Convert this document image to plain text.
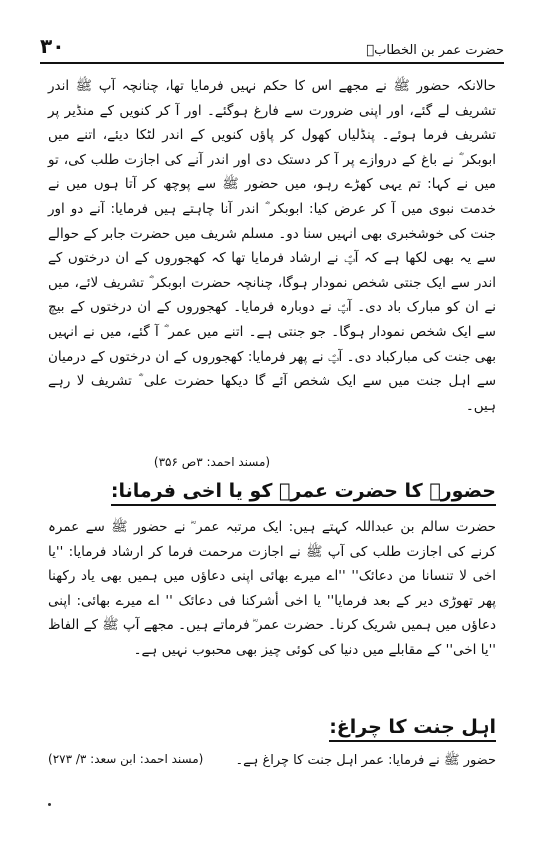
۳۰	حضرت عمر بن الخطابؓ

حالانکہ حضور ﷺ نے مجھے اس کا حکم نہیں فرمایا تھا، چنانچہ آپ ﷺ اندر تشریف لے گئے، اور اپنی ضرورت سے فارغ ہوگئے۔ اور آ کر کنویں کے منڈیر پر تشریف فرما ہوئے۔ پنڈلیاں کھول کر پاؤں کنویں کے اندر لٹکا دیئے، اتنے میں ابوبکر ؓ نے باغ کے دروازے پر آ کر دستک دی اور اندر آنے کی اجازت طلب کی، تو میں نے کہا: تم یہی کھڑے رہو، میں حضور ﷺ سے پوچھ کر آتا ہوں میں نے خدمت نبوی میں آ کر عرض کیا: ابوبکر ؓ اندر آنا چاہتے ہیں فرمایا: آنے دو اور جنت کی خوشخبری بھی انہیں سنا دو۔ مسلم شریف میں حضرت جابر کے حوالے سے یہ بھی لکھا ہے کہ آپؐ نے ارشاد فرمایا تھا کہ کھجوروں کے ان درختوں کے اندر سے ایک جنتی شخص نمودار ہوگا، چنانچہ حضرت ابوبکر ؓ تشریف لائے، میں نے ان کو مبارک باد دی۔ آپؐ نے دوبارہ فرمایا۔ کھجوروں کے ان درختوں کے بیچ سے ایک شخص نمودار ہوگا۔ جو جنتی ہے۔ اتنے میں عمر ؓ آ گئے، میں نے انہیں بھی جنت کی مبارکباد دی۔ آپؐ نے پھر فرمایا: کھجوروں کے ان درختوں کے درمیان سے اہل جنت میں سے ایک شخص آئے گا دیکھا حضرت علی ؓ تشریف لا رہے ہیں۔

(مسند احمد: ۳ص ۳۵۶)
حضورؐ کا حضرت عمرؓ کو یا اخی فرمانا:

حضرت سالم بن عبداللہ کہتے ہیں: ایک مرتبہ عمر ؓ نے حضور ﷺ سے عمرہ کرنے کی اجازت طلب کی آپ ﷺ نے اجازت مرحمت فرما کر ارشاد فرمایا: ''یا اخی لا تنسانا من دعائک'' ''اے میرے بھائی اپنی دعاؤں میں ہمیں بھی یاد رکھنا پھر تھوڑی دیر کے بعد فرمایا'' یا اخی أشرکنا فی دعائک '' اے میرے بھائی: اپنی دعاؤں میں ہمیں شریک کرنا۔ حضرت عمر ؓ فرماتے ہیں۔ مجھے آپ ﷺ کے الفاظ ''یا اخی'' کے مقابلے میں دنیا کی کوئی چیز بھی محبوب نہیں ہے۔

اہل جنت کا چراغ:
حضور ﷺ نے فرمایا: عمر اہل جنت کا چراغ ہے۔
(مسند احمد: ابن سعد: ۳/ ۲۷۳)
